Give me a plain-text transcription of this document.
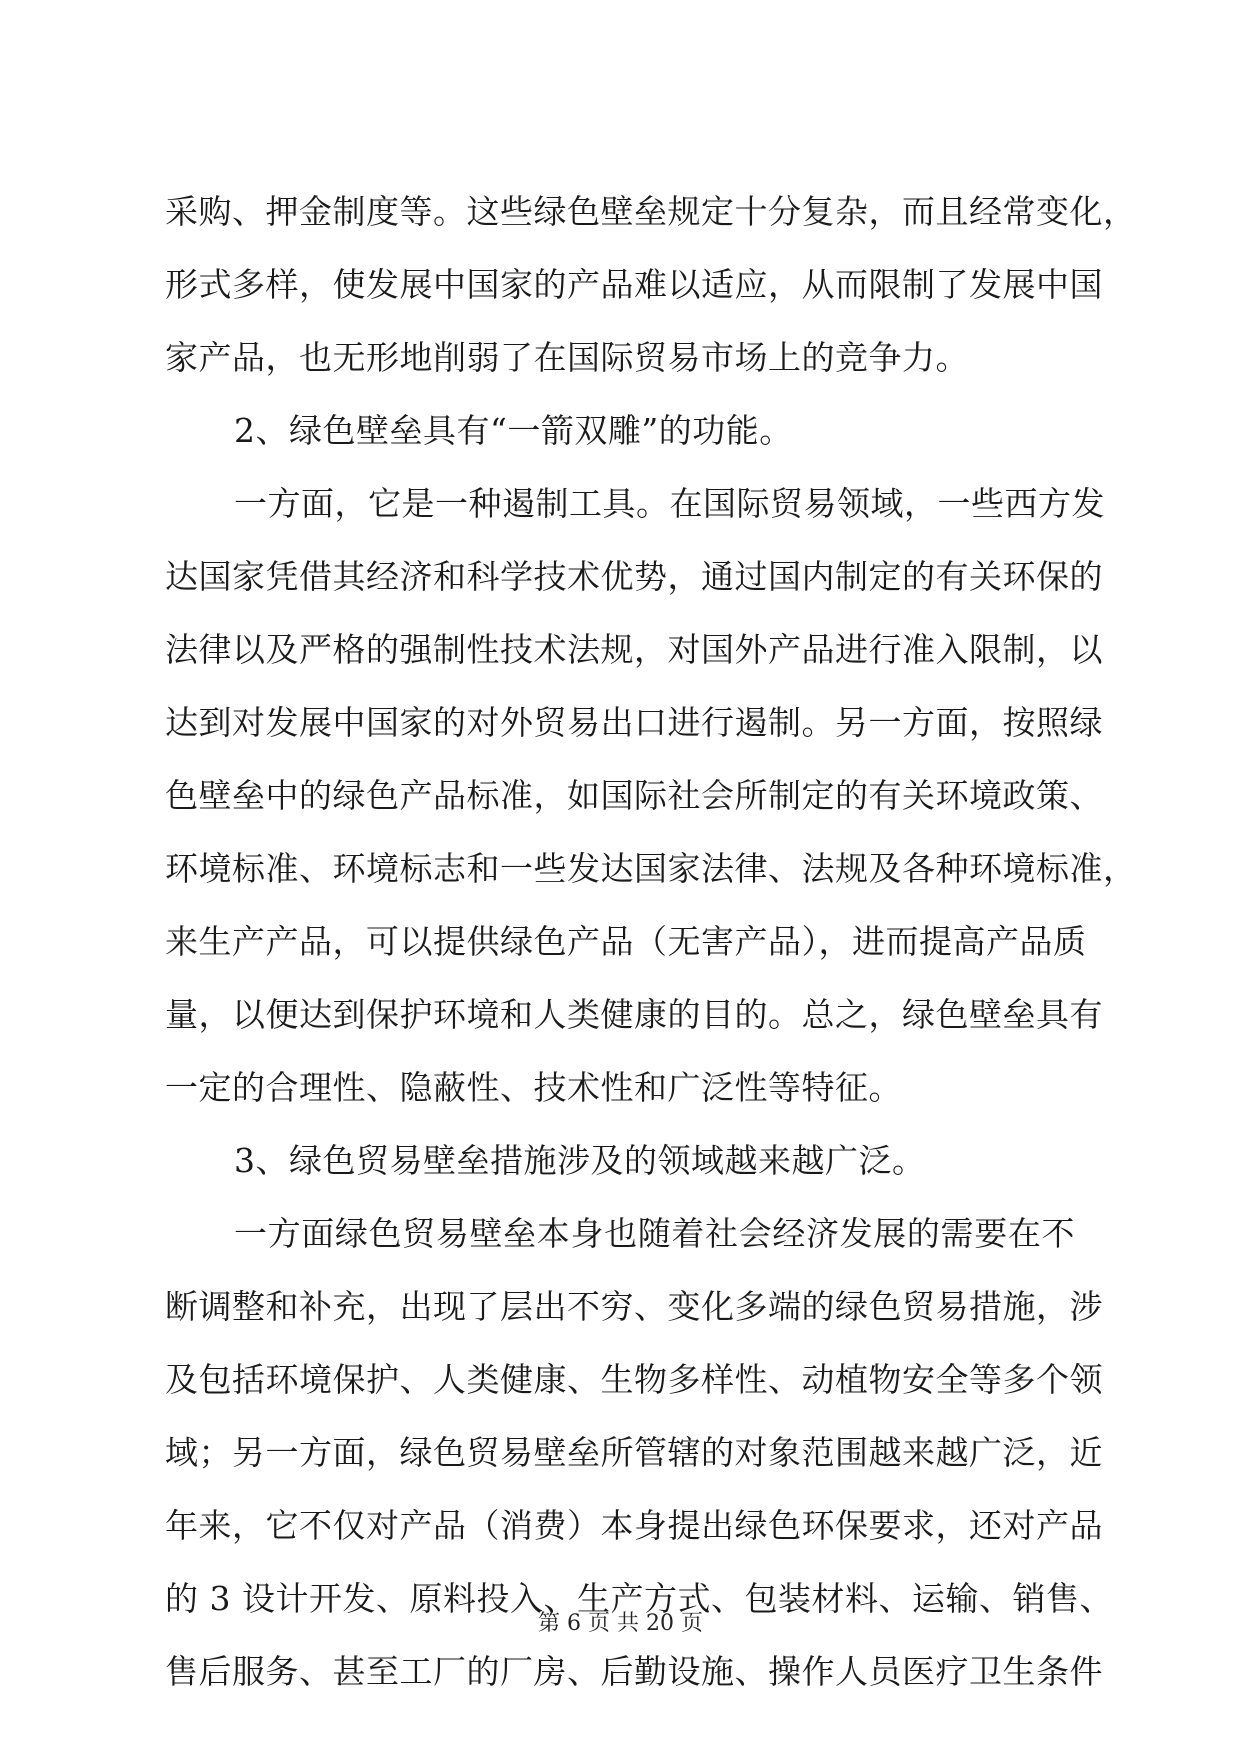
第 6 页 共 20 页
采购、押金制度等。这些绿色壁垒规定十分复杂，而且经常变化，
形式多样，使发展中国家的产品难以适应，从而限制了发展中国
家产品，也无形地削弱了在国际贸易市场上的竞争力。
2、绿色壁垒具有“一箭双雕”的功能。
一方面，它是一种遏制工具。在国际贸易领域，一些西方发
达国家凭借其经济和科学技术优势，通过国内制定的有关环保的
法律以及严格的强制性技术法规，对国外产品进行准入限制，以
达到对发展中国家的对外贸易出口进行遏制。另一方面，按照绿
色壁垒中的绿色产品标准，如国际社会所制定的有关环境政策、
环境标准、环境标志和一些发达国家法律、法规及各种环境标准，
来生产产品，可以提供绿色产品（无害产品），进而提高产品质
量，以便达到保护环境和人类健康的目的。总之，绿色壁垒具有
一定的合理性、隐蔽性、技术性和广泛性等特征。
3、绿色贸易壁垒措施涉及的领域越来越广泛。
一方面绿色贸易壁垒本身也随着社会经济发展的需要在不
断调整和补充，出现了层出不穷、变化多端的绿色贸易措施，涉
及包括环境保护、人类健康、生物多样性、动植物安全等多个领
域；另一方面，绿色贸易壁垒所管辖的对象范围越来越广泛，近
年来，它不仅对产品（消费）本身提出绿色环保要求，还对产品
的 3 设计开发、原料投入、生产方式、包装材料、运输、销售、
售后服务、甚至工厂的厂房、后勤设施、操作人员医疗卫生条件
